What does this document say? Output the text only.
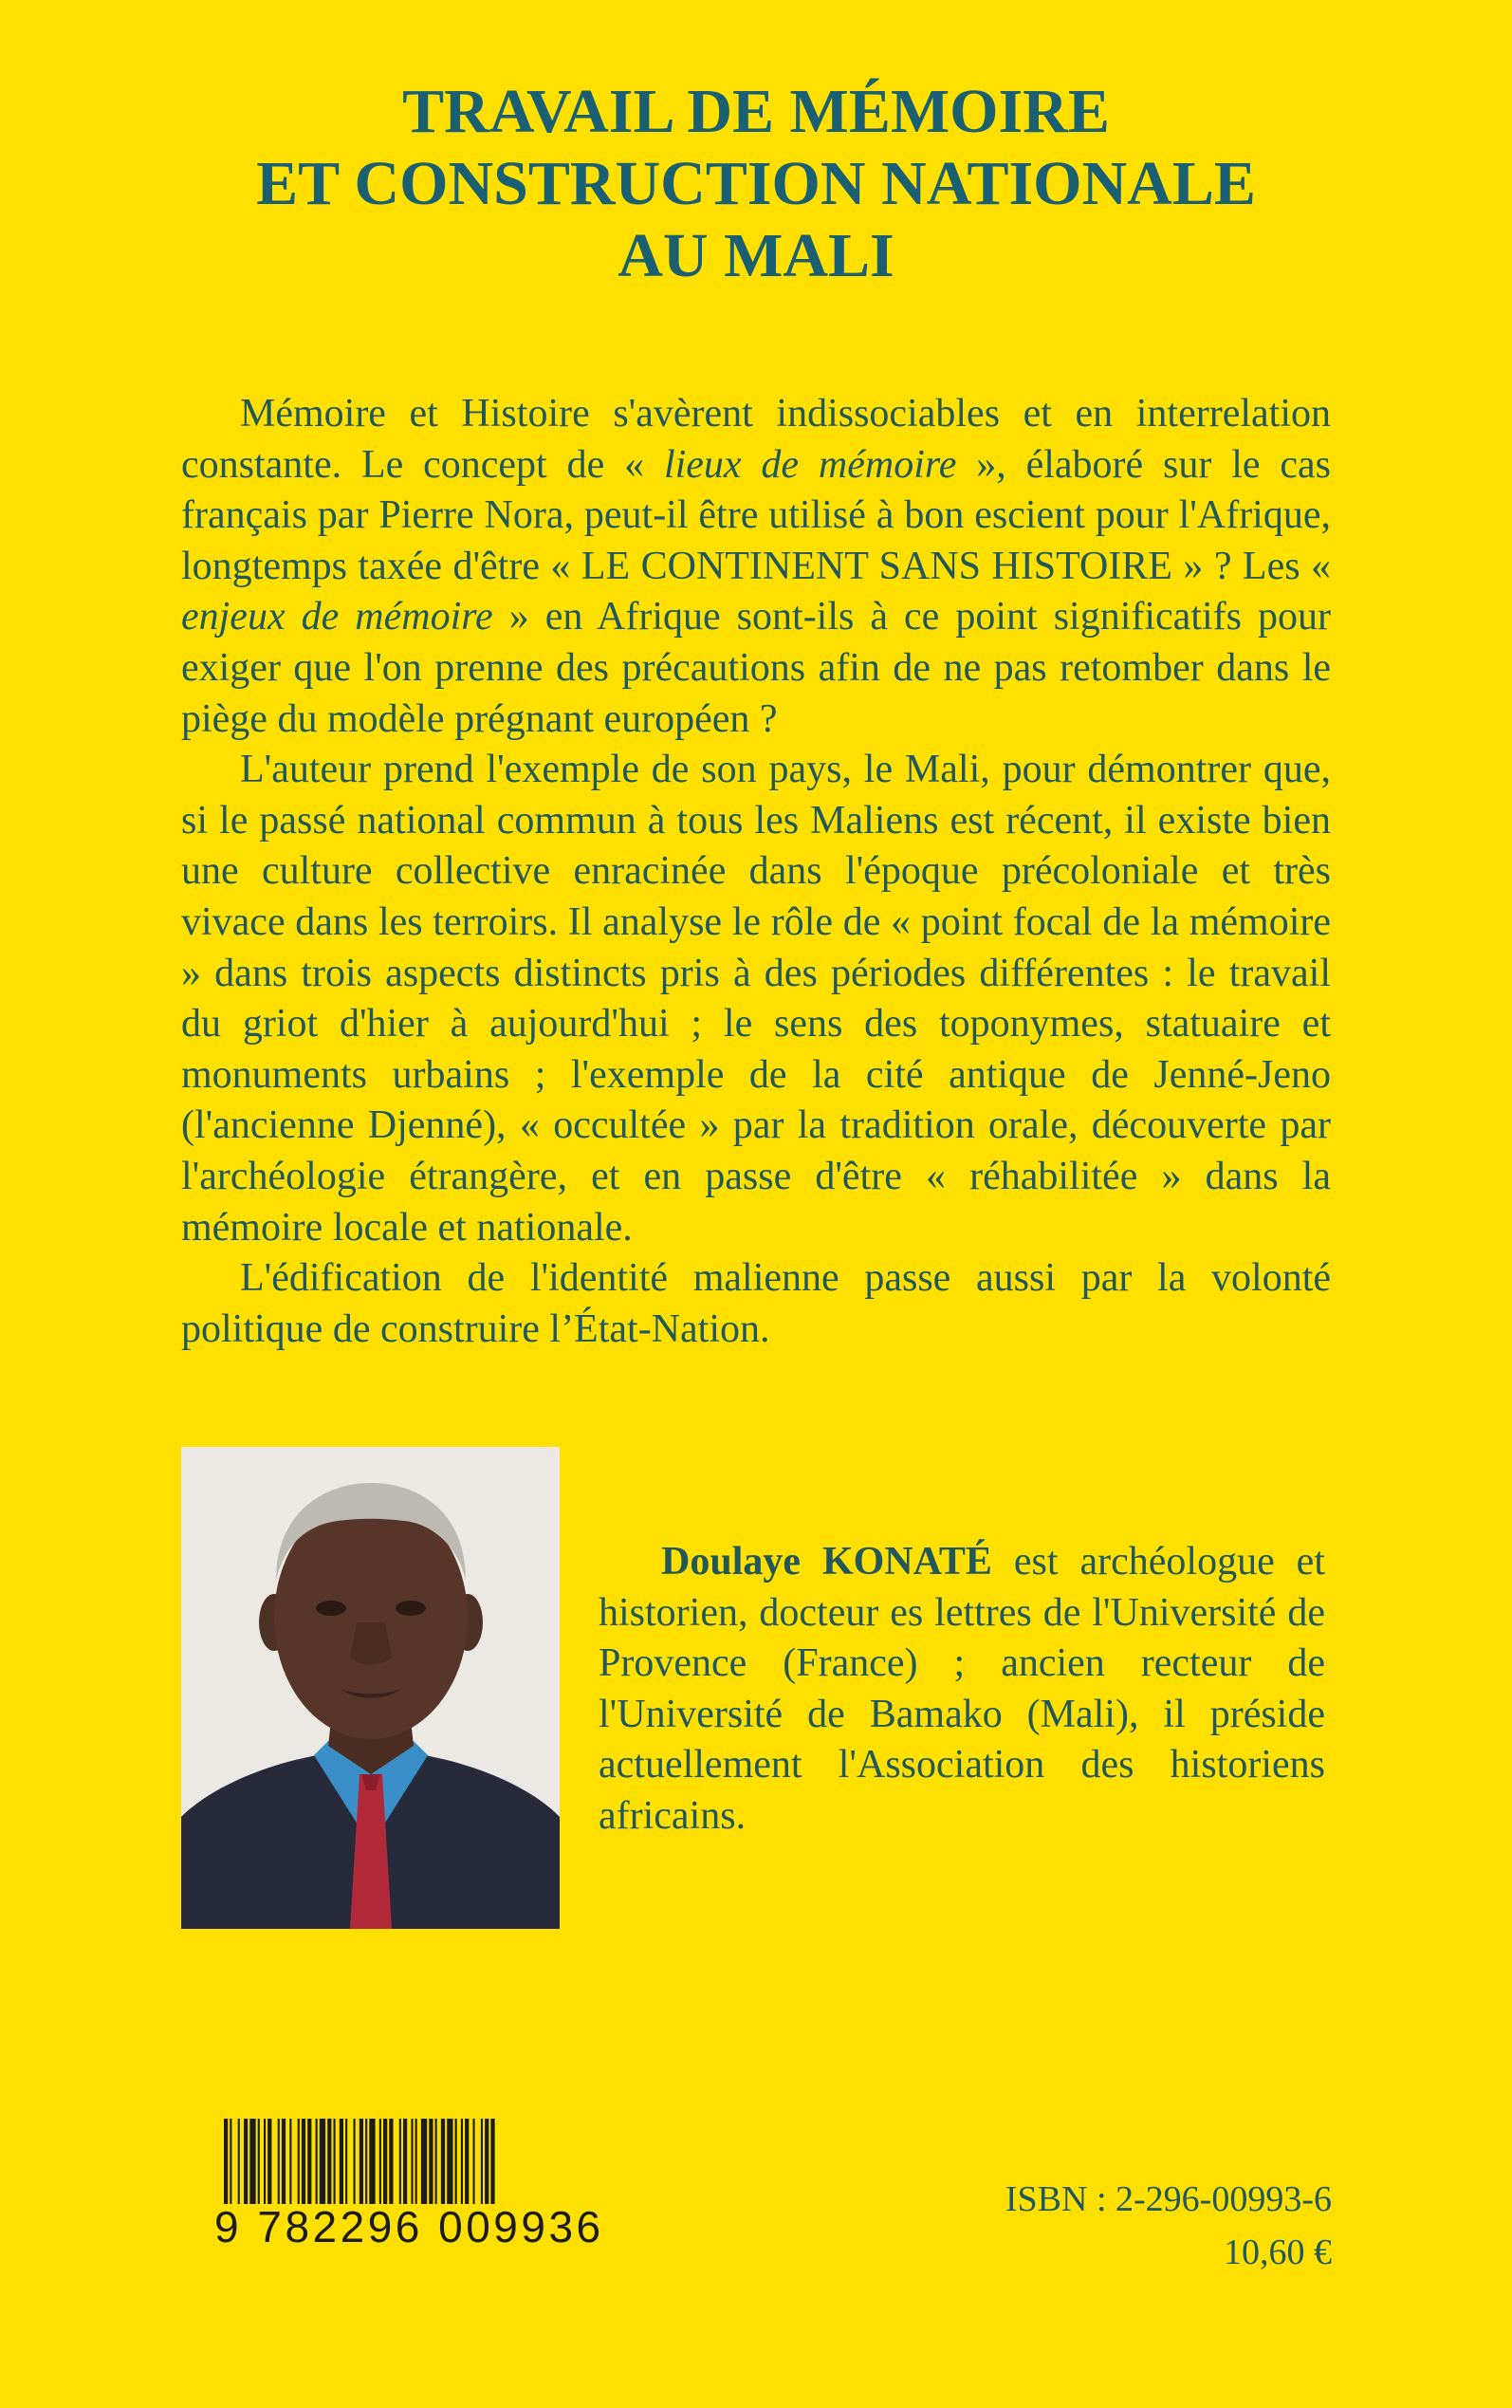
TRAVAIL DE MÉMOIRE
ET CONSTRUCTION NATIONALE
AU MALI

Mémoire et Histoire s'avèrent indissociables et en interrelation constante. Le concept de « lieux de mémoire », élaboré sur le cas français par Pierre Nora, peut-il être utilisé à bon escient pour l'Afrique, longtemps taxée d'être « LE CONTINENT SANS HISTOIRE » ? Les « enjeux de mémoire » en Afrique sont-ils à ce point significatifs pour exiger que l'on prenne des précautions afin de ne pas retomber dans le piège du modèle prégnant européen ?

L'auteur prend l'exemple de son pays, le Mali, pour démontrer que, si le passé national commun à tous les Maliens est récent, il existe bien une culture collective enracinée dans l'époque précoloniale et très vivace dans les terroirs. Il analyse le rôle de « point focal de la mémoire » dans trois aspects distincts pris à des périodes différentes : le travail du griot d'hier à aujourd'hui ; le sens des toponymes, statuaire et monuments urbains ; l'exemple de la cité antique de Jenné-Jeno (l'ancienne Djenné), « occultée » par la tradition orale, découverte par l'archéologie étrangère, et en passe d'être « réhabilitée » dans la mémoire locale et nationale.

L'édification de l'identité malienne passe aussi par la volonté politique de construire l’État-Nation.

Doulaye KONATÉ est archéologue et historien, docteur es lettres de l'Université de Provence (France) ; ancien recteur de l'Université de Bamako (Mali), il préside actuellement l'Association des historiens africains.

9 782296 009936
ISBN : 2-296-00993-6
10,60 €
